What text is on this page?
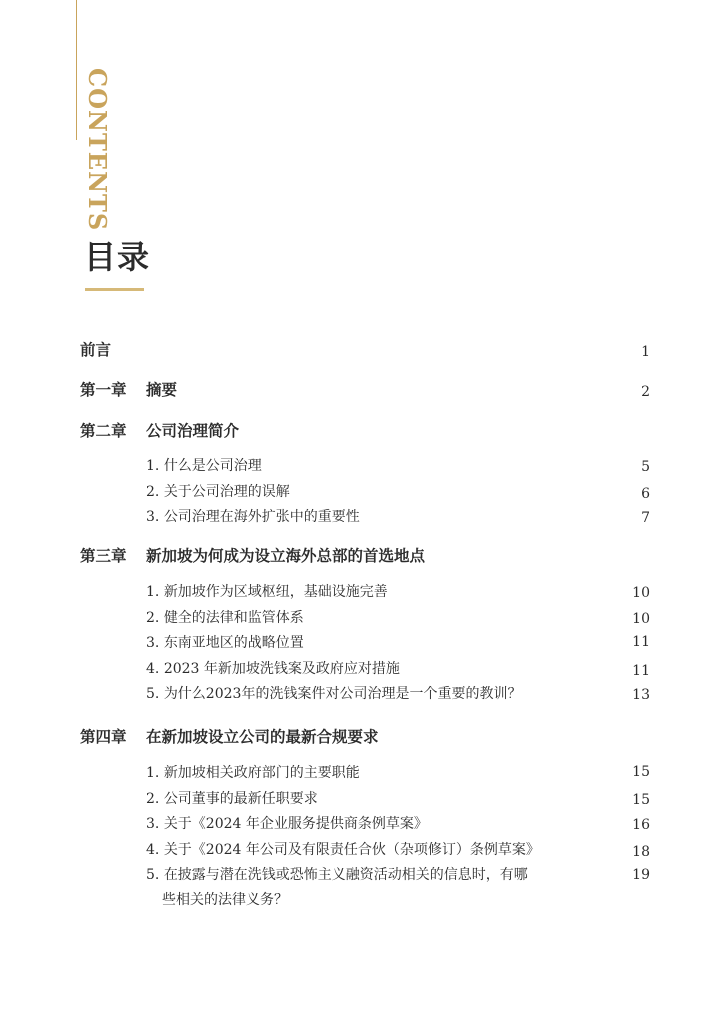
CONTENTS
目录
前言	1
第一章 摘要	2
第二章 公司治理简介
1. 什么是公司治理	5
2. 关于公司治理的误解	6
3. 公司治理在海外扩张中的重要性	7
第三章 新加坡为何成为设立海外总部的首选地点
1. 新加坡作为区域枢纽，基础设施完善	10
2. 健全的法律和监管体系	10
3. 东南亚地区的战略位置	11
4. 2023 年新加坡洗钱案及政府应对措施	11
5. 为什么2023年的洗钱案件对公司治理是一个重要的教训？	13
第四章 在新加坡设立公司的最新合规要求
1. 新加坡相关政府部门的主要职能	15
2. 公司董事的最新任职要求	15
3. 关于《2024 年企业服务提供商条例草案》	16
4. 关于《2024 年公司及有限责任合伙（杂项修订）条例草案》	18
5. 在披露与潜在洗钱或恐怖主义融资活动相关的信息时，有哪
些相关的法律义务？
19
